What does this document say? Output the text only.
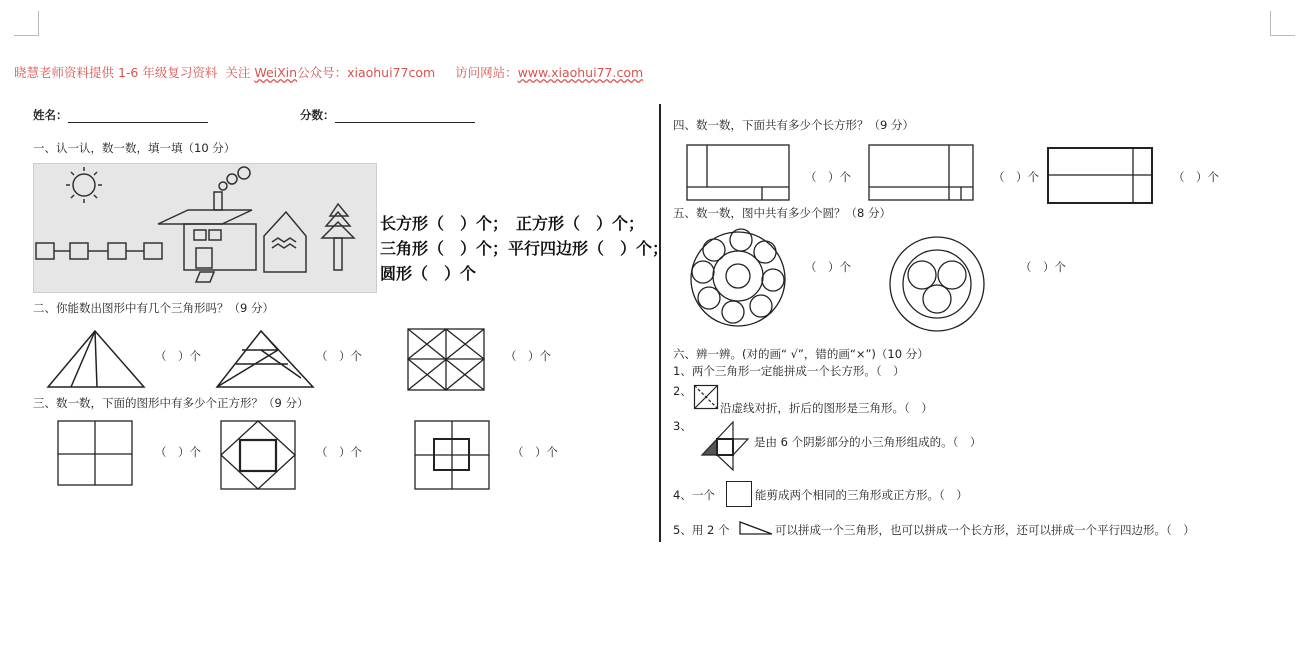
晓慧老师资料提供 1-6 年级复习资料 关注 WeiXin公众号：xiaohui77com 访问网站：www.xiaohui77.com
姓名：	分数：
一、认一认，数一数，填一填（10 分）
长方形（　）个；　正方形（　）个；
三角形（　）个；平行四边形（　）个；
圆形（　）个
二、你能数出图形中有几个三角形吗？（9 分）
（　）个	（　）个	（　）个
三、数一数，下面的图形中有多少个正方形？（9 分）
（　）个	（　）个	（　）个
四、数一数，下面共有多少个长方形？（9 分）
（　）个	（　）个	（　）个
五、数一数，图中共有多少个圆？（8 分）
（　）个	（　）个
六、辨一辨。(对的画“ √”，错的画“×”)（10 分）
1、两个三角形一定能拼成一个长方形。（　）
2、
沿虚线对折，折后的图形是三角形。（　）
3、
是由 6 个阴影部分的小三角形组成的。（　）
4、一个	能剪成两个相同的三角形或正方形。（　）
5、用 2 个	可以拼成一个三角形，也可以拼成一个长方形，还可以拼成一个平行四边形。（　）
